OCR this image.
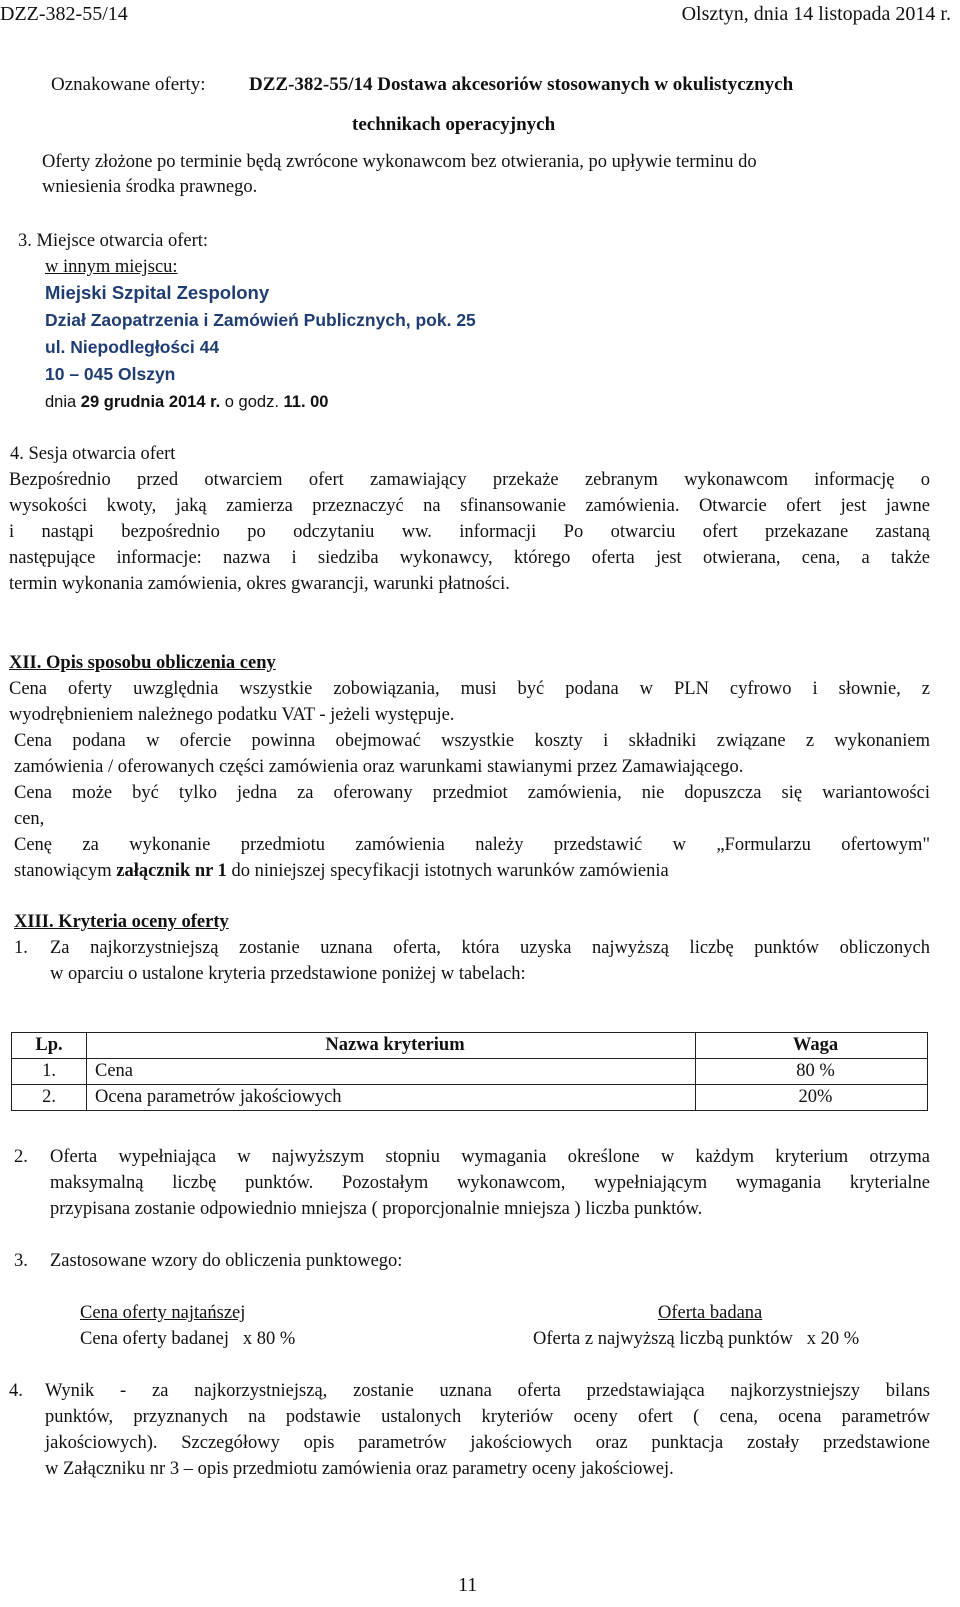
DZZ-382-55/14	Olsztyn, dnia 14 listopada 2014 r.
Oznakowane oferty: DZZ-382-55/14 Dostawa akcesoriów stosowanych w okulistycznych
technikach operacyjnych
Oferty złożone po terminie będą zwrócone wykonawcom bez otwierania, po upływie terminu do
wniesienia środka prawnego.
3. Miejsce otwarcia ofert:
w innym miejscu:
Miejski Szpital Zespolony
Dział Zaopatrzenia i Zamówień Publicznych, pok. 25
ul. Niepodległości 44
10 – 045 Olszyn
dnia 29 grudnia 2014 r. o godz. 11. 00
4. Sesja otwarcia ofert
Bezpośrednio przed otwarciem ofert zamawiający przekaże zebranym wykonawcom informację o
wysokości kwoty, jaką zamierza przeznaczyć na sfinansowanie zamówienia. Otwarcie ofert jest jawne
i nastąpi bezpośrednio po odczytaniu ww. informacji Po otwarciu ofert przekazane zastaną
następujące informacje: nazwa i siedziba wykonawcy, którego oferta jest otwierana, cena, a także
termin wykonania zamówienia, okres gwarancji, warunki płatności.
XII. Opis sposobu obliczenia ceny
Cena oferty uwzględnia wszystkie zobowiązania, musi być podana w PLN cyfrowo i słownie, z
wyodrębnieniem należnego podatku VAT - jeżeli występuje.
Cena podana w ofercie powinna obejmować wszystkie koszty i składniki związane z wykonaniem
zamówienia / oferowanych części zamówienia oraz warunkami stawianymi przez Zamawiającego.
Cena może być tylko jedna za oferowany przedmiot zamówienia, nie dopuszcza się wariantowości
cen,
Cenę za wykonanie przedmiotu zamówienia należy przedstawić w „Formularzu ofertowym"
stanowiącym załącznik nr 1 do niniejszej specyfikacji istotnych warunków zamówienia
XIII. Kryteria oceny oferty
1. Za najkorzystniejszą zostanie uznana oferta, która uzyska najwyższą liczbę punktów obliczonych
w oparciu o ustalone kryteria przedstawione poniżej w tabelach:
Lp.	Nazwa kryterium	Waga
1.	Cena	80 %
2.	Ocena parametrów jakościowych	20%
2. Oferta wypełniająca w najwyższym stopniu wymagania określone w każdym kryterium otrzyma
maksymalną liczbę punktów. Pozostałym wykonawcom, wypełniającym wymagania kryterialne
przypisana zostanie odpowiednio mniejsza ( proporcjonalnie mniejsza ) liczba punktów.
3. Zastosowane wzory do obliczenia punktowego:
Cena oferty najtańszej
Cena oferty badanej   x 80 %
Oferta badana
Oferta z najwyższą liczbą punktów   x 20 %
4. Wynik - za najkorzystniejszą, zostanie uznana oferta przedstawiająca najkorzystniejszy bilans
punktów, przyznanych na podstawie ustalonych kryteriów oceny ofert ( cena, ocena parametrów
jakościowych). Szczegółowy opis parametrów jakościowych oraz punktacja zostały przedstawione
w Załączniku nr 3 – opis przedmiotu zamówienia oraz parametry oceny jakościowej.
11
